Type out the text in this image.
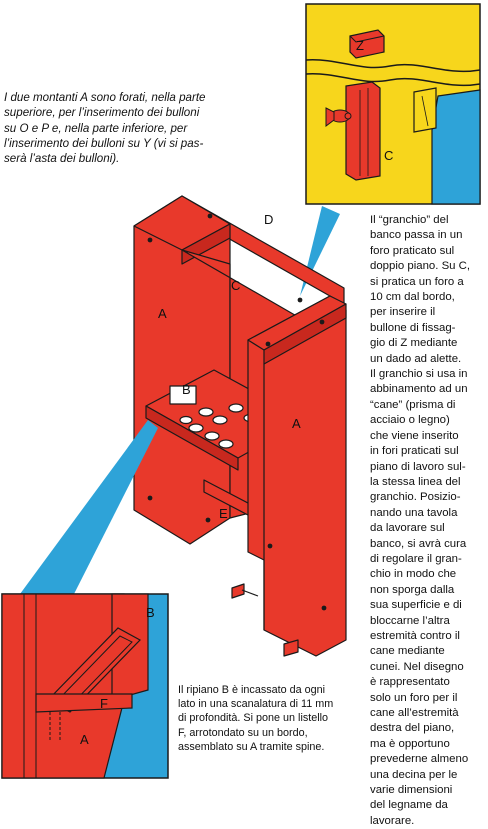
I due montanti A sono forati, nella parte
superiore, per l’inserimento dei bulloni
su O e P e, nella parte inferiore, per
l’inserimento dei bulloni su Y (vi si pas-
serà l’asta dei bulloni).
Il “granchio” del
banco passa in un
foro praticato sul
doppio piano. Su C,
si pratica un foro a
10 cm dal bordo,
per inserire il
bullone di fissag-
gio di Z mediante
un dado ad alette.
Il granchio si usa in
abbinamento ad un
“cane” (prisma di
acciaio o legno)
che viene inserito
in fori praticati sul
piano di lavoro sul-
la stessa linea del
granchio. Posizio-
nando una tavola
da lavorare sul
banco, si avrà cura
di regolare il gran-
chio in modo che
non sporga dalla
sua superficie e di
bloccarne l’altra
estremità contro il
cane mediante
cunei. Nel disegno
è rappresentato
solo un foro per il
cane all’estremità
destra del piano,
ma è opportuno
prevederne almeno
una decina per le
varie dimensioni
del legname da
lavorare.
Il ripiano B è incassato da ogni
lato in una scanalatura di 11 mm
di profondità. Si pone un listello
F, arrotondato su un bordo,
assemblato su A tramite spine.
Z
C
A
A
B
C
D
E
B
F
A
